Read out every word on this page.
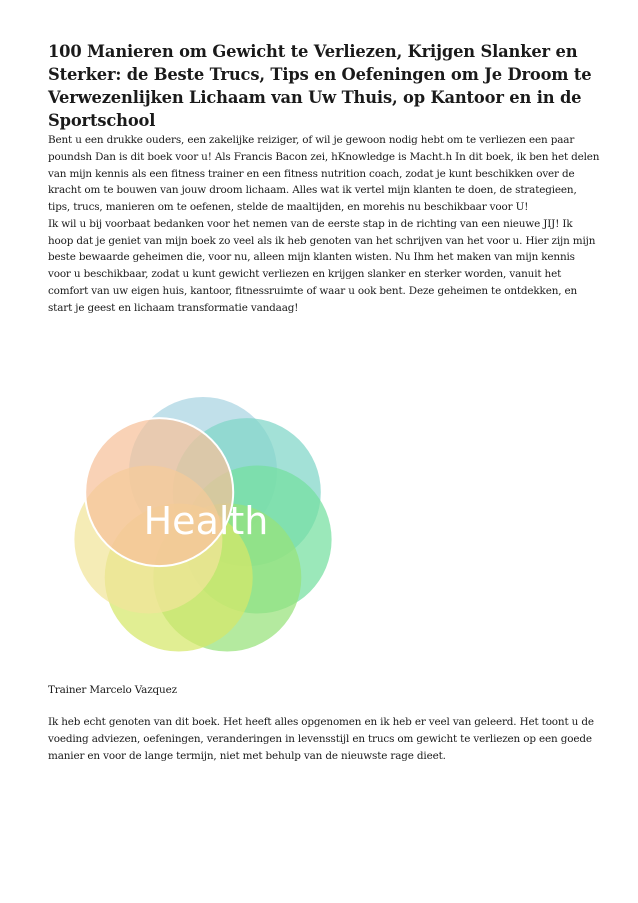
100 Manieren om Gewicht te Verliezen, Krijgen Slanker en Sterker: de Beste Trucs, Tips en Oefeningen om Je Droom te Verwezenlijken Lichaam van Uw Thuis, op Kantoor en in de Sportschool

Bent u een drukke ouders, een zakelijke reiziger, of wil je gewoon nodig hebt om te verliezen een paar poundsh Dan is dit boek voor u! Als Francis Bacon zei, hKnowledge is Macht.h In dit boek, ik ben het delen van mijn kennis als een fitness trainer en een fitness nutrition coach, zodat je kunt beschikken over de kracht om te bouwen van jouw droom lichaam. Alles wat ik vertel mijn klanten te doen, de strategieen, tips, trucs, manieren om te oefenen, stelde de maaltijden, en morehis nu beschikbaar voor U!

Ik wil u bij voorbaat bedanken voor het nemen van de eerste stap in de richting van een nieuwe JIJ! Ik hoop dat je geniet van mijn boek zo veel als ik heb genoten van het schrijven van het voor u. Hier zijn mijn beste bewaarde geheimen die, voor nu, alleen mijn klanten wisten. Nu Ihm het maken van mijn kennis voor u beschikbaar, zodat u kunt gewicht verliezen en krijgen slanker en sterker worden, vanuit het comfort van uw eigen huis, kantoor, fitnessruimte of waar u ook bent. Deze geheimen te ontdekken, en start je geest en lichaam transformatie vandaag!

Health

Trainer Marcelo Vazquez

Ik heb echt genoten van dit boek. Het heeft alles opgenomen en ik heb er veel van geleerd. Het toont u de voeding adviezen, oefeningen, veranderingen in levensstijl en trucs om gewicht te verliezen op een goede manier en voor de lange termijn, niet met behulp van de nieuwste rage dieet.
